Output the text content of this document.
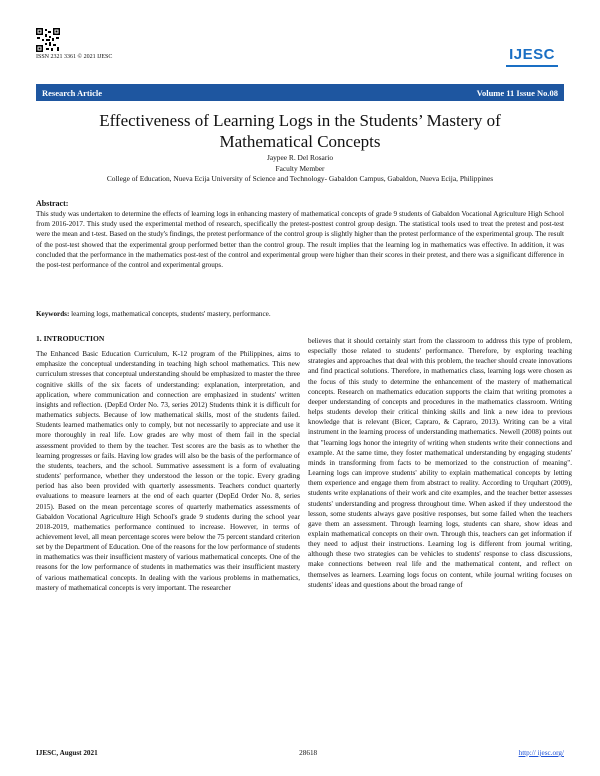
ISSN 2321 3361 © 2021 IJESC	IJESC
Research Article	Volume 11 Issue No.08
Effectiveness of Learning Logs in the Students’ Mastery of Mathematical Concepts
Jaypee R. Del Rosario
Faculty Member
College of Education, Nueva Ecija University of Science and Technology- Gabaldon Campus, Gabaldon, Nueva Ecija, Philippines
Abstract:
This study was undertaken to determine the effects of learning logs in enhancing mastery of mathematical concepts of grade 9 students of Gabaldon Vocational Agriculture High School from 2016-2017. This study used the experimental method of research, specifically the pretest-posttest control group design. The statistical tools used to treat the pretest and post-test were the mean and t-test. Based on the study's findings, the pretest performance of the control group is slightly higher than the pretest performance of the experimental group. The result of the post-test showed that the experimental group performed better than the control group. The result implies that the learning log in mathematics was effective. In addition, it was concluded that the performance in the mathematics post-test of the control and experimental group were higher than their scores in their pretest, and there was a significant difference in the post-test performance of the control and experimental groups.
Keywords: learning logs, mathematical concepts, students' mastery, performance.
1. INTRODUCTION

The Enhanced Basic Education Curriculum, K-12 program of the Philippines, aims to emphasize the conceptual understanding in teaching high school mathematics. This new curriculum stresses that conceptual understanding should be emphasized to master the three cognitive skills of the six facets of understanding: explanation, interpretation, and application, where communication and connection are emphasized in students' written insights and reflection. (DepEd Order No. 73, series 2012) Students think it is difficult for mathematics subjects. Because of low mathematical skills, most of the students failed. Students learned mathematics only to comply, but not necessarily to appreciate and use it more thoroughly in real life. Low grades are why most of them fail in the special assessment provided to them by the teacher. Test scores are the basis as to whether the learning progresses or fails. Having low grades will also be the basis of the performance of the students, teachers, and the school. Summative assessment is a form of evaluating students' performance, whether they understood the lesson or the topic. Every grading period has also been provided with quarterly assessments. Teachers conduct quarterly evaluations to measure learners at the end of each quarter (DepEd Order No. 8, series 2015). Based on the mean percentage scores of quarterly mathematics assessments of Gabaldon Vocational Agriculture High School's grade 9 students during the school year 2018-2019, mathematics performance continued to increase. However, in terms of achievement level, all mean percentage scores were below the 75 percent standard criterion set by the Department of Education. One of the reasons for the low performance of students in mathematics was their insufficient mastery of various mathematical concepts. One of the reasons for the low performance of students in mathematics was their insufficient mastery of various mathematical concepts. In dealing with the various problems in mathematics, mastery of mathematical concepts is very important. The researcher

believes that it should certainly start from the classroom to address this type of problem, especially those related to students' performance. Therefore, by exploring teaching strategies and approaches that deal with this problem, the teacher should create innovations and find practical solutions. Therefore, in mathematics class, learning logs were chosen as the focus of this study to determine the enhancement of the mastery of mathematical concepts. Research on mathematics education supports the claim that writing promotes a deeper understanding of concepts and procedures in the mathematics classroom. Writing helps students develop their critical thinking skills and link a new idea to previous knowledge that is relevant (Bicer, Capraro, & Capraro, 2013). Writing can be a vital instrument in the learning process of understanding mathematics. Newell (2008) points out that "learning logs honor the integrity of writing when students write their connections and example. At the same time, they foster mathematical understanding by engaging students' minds in transforming from facts to be memorized to the construction of meaning". Learning logs can improve students' ability to explain mathematical concepts by letting them experience and engage them from abstract to reality. According to Urquhart (2009), students write explanations of their work and cite examples, and the teacher better assesses students' understanding and progress throughout time. When asked if they understood the lesson, some students always gave positive responses, but some failed when the teachers gave them an assessment. Through learning logs, students can share, show ideas and explain mathematical concepts on their own. Through this, teachers can get information if they need to adjust their instructions. Learning log is different from journal writing, although these two strategies can be vehicles to students' response to class discussions, make connections between real life and the mathematical content, and reflect on themselves as learners. Learning logs focus on content, while journal writing focuses on students' ideas and questions about the broad range of

IJESC, August 2021	28618	http:// ijesc.org/
